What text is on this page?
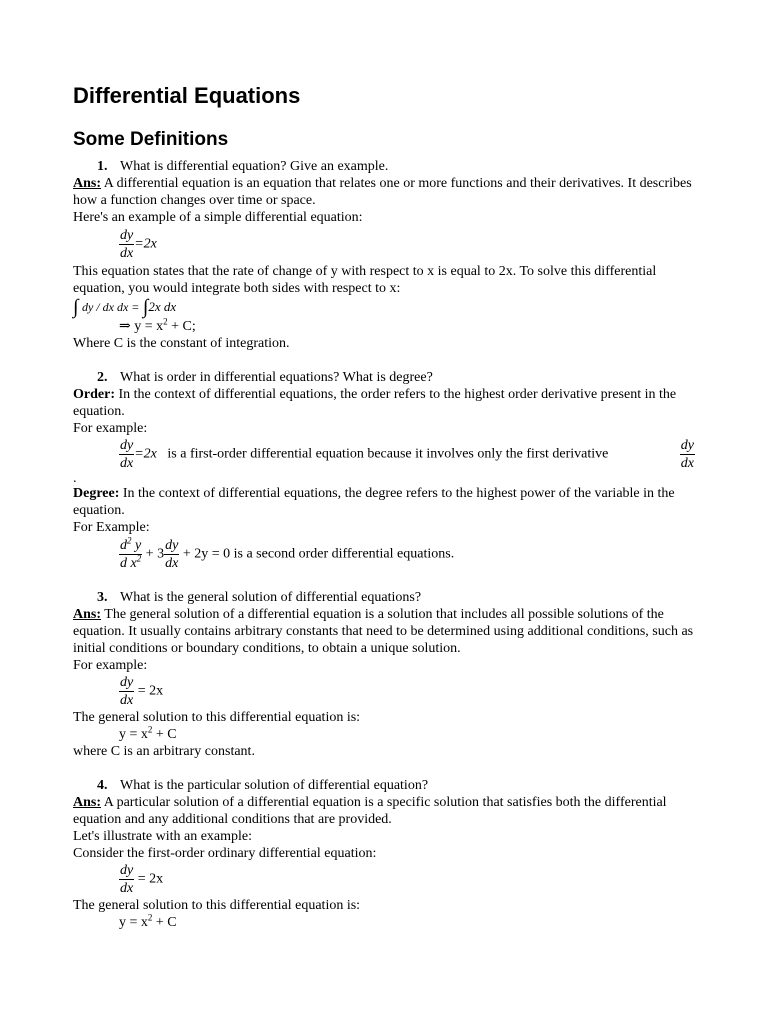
Differential Equations
Some Definitions

1. What is differential equation? Give an example.

Ans: A differential equation is an equation that relates one or more functions and their derivatives. It describes how a function changes over time or space.

Here's an example of a simple differential equation:

$\frac{dy}{dx} =2x$

This equation states that the rate of change of y with respect to x is equal to 2x. To solve this differential equation, you would integrate both sides with respect to x:

∫ dy / dx dx = ∫2x dx

⇒ $y = x^2 + C$;

Where C is the constant of integration.

2. What is order in differential equations? What is degree?

Order: In the context of differential equations, the order refers to the highest order derivative present in the equation.

For example:

$\frac{dy}{dx} =2x$ is a first-order differential equation because it involves only the first derivative	$\frac{dy}{dx}$

.

Degree: In the context of differential equations, the degree refers to the highest power of the variable in the equation.

For Example:

$\frac{d^2 y}{d x^2} + 3 \frac{dy}{dx} + 2y = 0$ is a second order differential equations.

3. What is the general solution of differential equations?

Ans: The general solution of a differential equation is a solution that includes all possible solutions of the equation. It usually contains arbitrary constants that need to be determined using additional conditions, such as initial conditions or boundary conditions, to obtain a unique solution.

For example:

$\frac{dy}{dx} = 2x$

The general solution to this differential equation is:

$y = x^2 + C$

where C is an arbitrary constant.

4. What is the particular solution of differential equation?

Ans: A particular solution of a differential equation is a specific solution that satisfies both the differential equation and any additional conditions that are provided.

Let's illustrate with an example:

Consider the first-order ordinary differential equation:

$\frac{dy}{dx} = 2x$

The general solution to this differential equation is:

$y = x^2 + C$
